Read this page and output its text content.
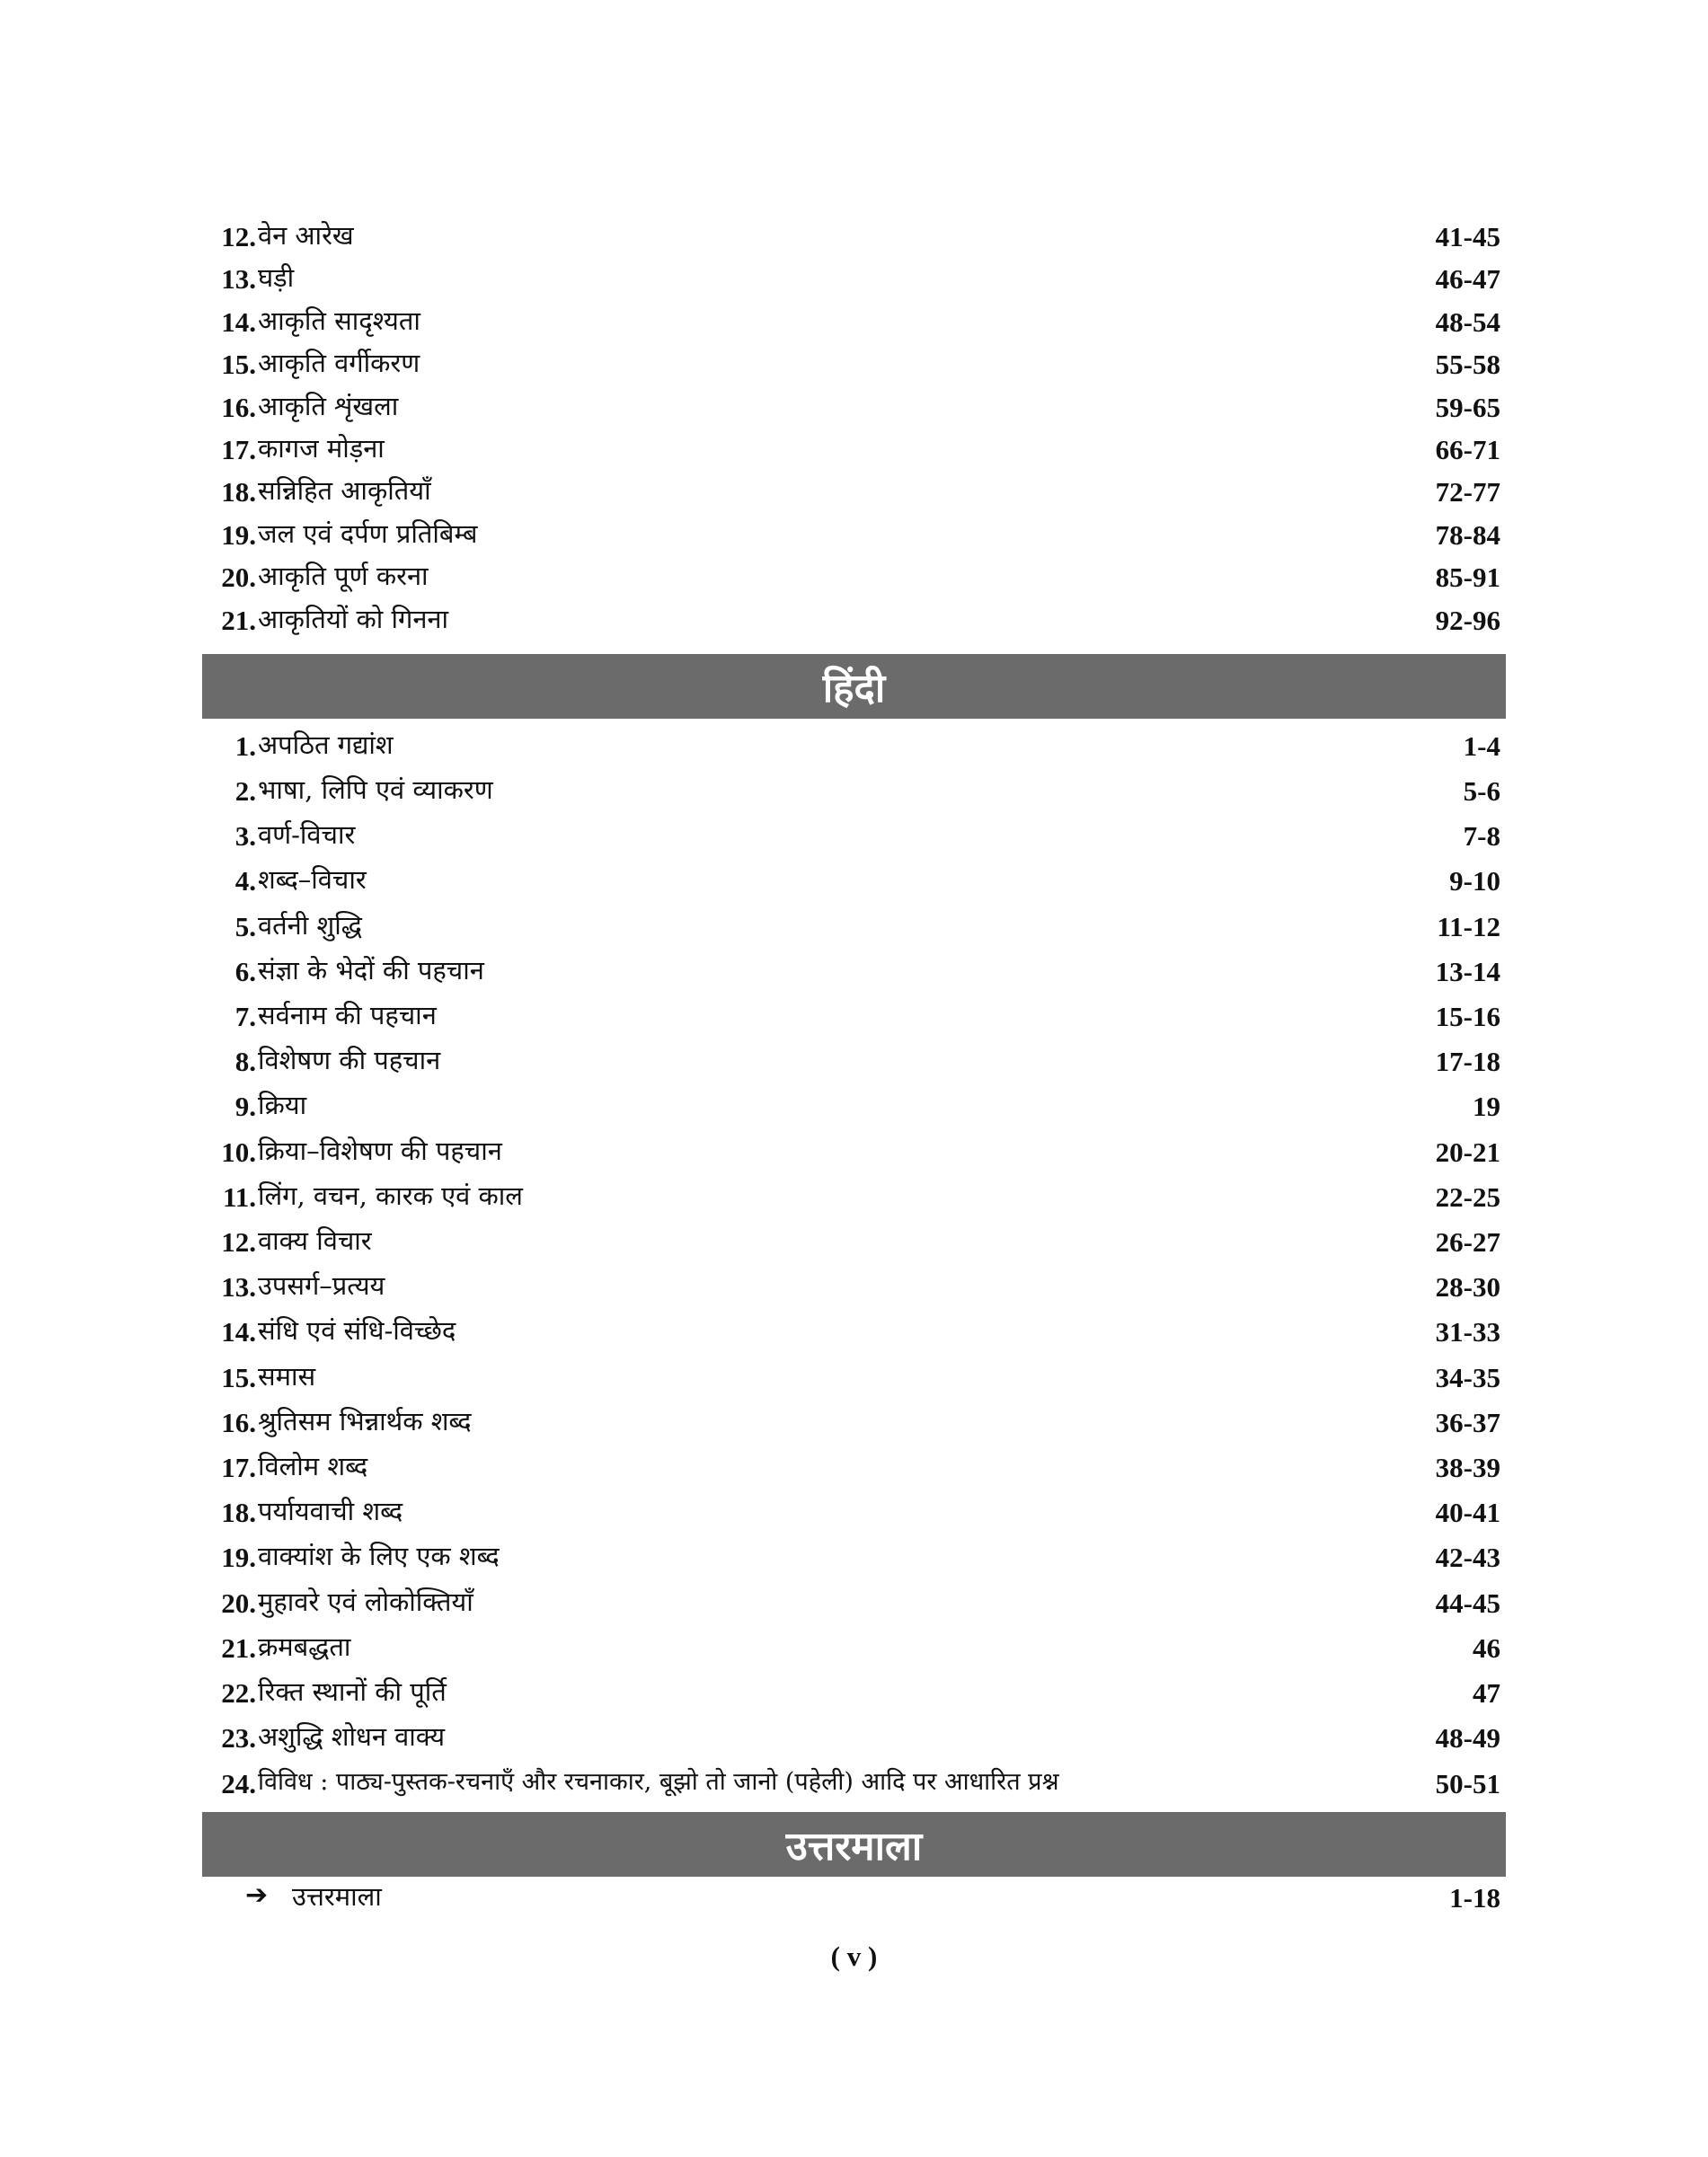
12. वेन आरेख	41-45
13. घड़ी	46-47
14. आकृति सादृश्यता	48-54
15. आकृति वर्गीकरण	55-58
16. आकृति शृंखला	59-65
17. कागज मोड़ना	66-71
18. सन्निहित आकृतियाँ	72-77
19. जल एवं दर्पण प्रतिबिम्ब	78-84
20. आकृति पूर्ण करना	85-91
21. आकृतियों को गिनना	92-96
हिंदी
1. अपठित गद्यांश	1-4
2. भाषा, लिपि एवं व्याकरण	5-6
3. वर्ण-विचार	7-8
4. शब्द–विचार	9-10
5. वर्तनी शुद्धि	11-12
6. संज्ञा के भेदों की पहचान	13-14
7. सर्वनाम की पहचान	15-16
8. विशेषण की पहचान	17-18
9. क्रिया	19
10. क्रिया–विशेषण की पहचान	20-21
11. लिंग, वचन, कारक एवं काल	22-25
12. वाक्य विचार	26-27
13. उपसर्ग–प्रत्यय	28-30
14. संधि एवं संधि-विच्छेद	31-33
15. समास	34-35
16. श्रुतिसम भिन्नार्थक शब्द	36-37
17. विलोम शब्द	38-39
18. पर्यायवाची शब्द	40-41
19. वाक्यांश के लिए एक शब्द	42-43
20. मुहावरे एवं लोकोक्तियाँ	44-45
21. क्रमबद्धता	46
22. रिक्त स्थानों की पूर्ति	47
23. अशुद्धि शोधन वाक्य	48-49
24. विविध : पाठ्य-पुस्तक-रचनाएँ और रचनाकार, बूझो तो जानो (पहेली) आदि पर आधारित प्रश्न	50-51
उत्तरमाला
➔ उत्तरमाला	1-18
( v )
